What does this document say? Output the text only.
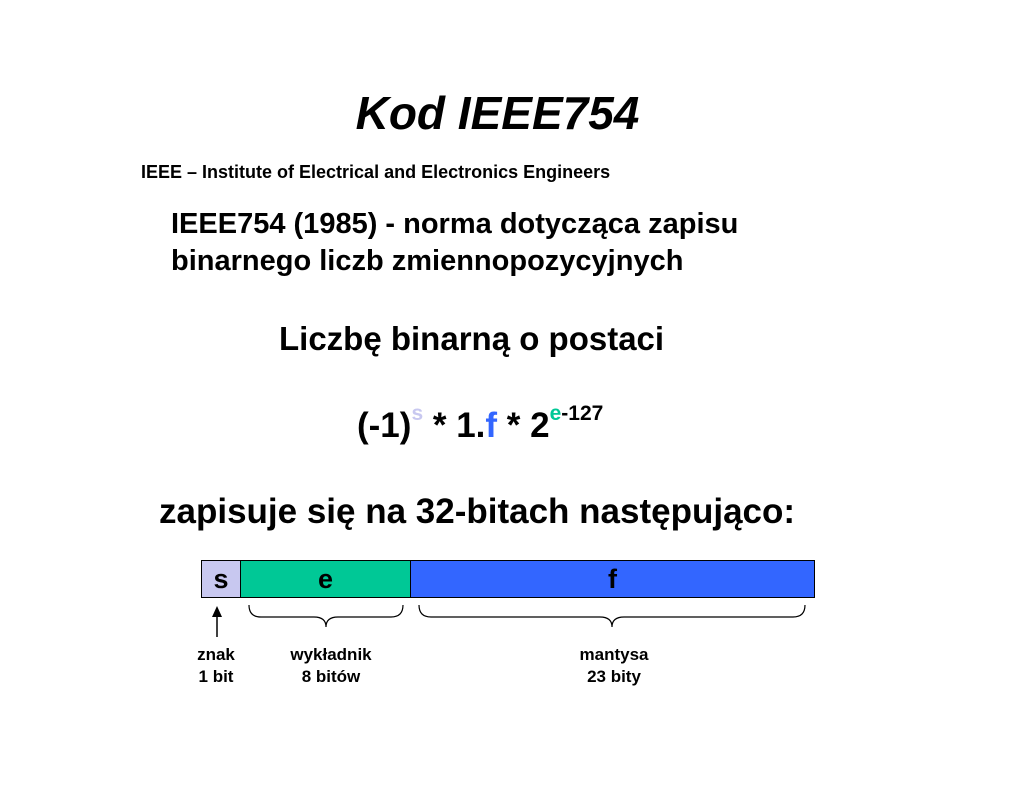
Kod IEEE754
IEEE – Institute of Electrical and Electronics Engineers
IEEE754 (1985) - norma dotycząca zapisu
binarnego liczb zmiennopozycyjnych
Liczbę binarną o postaci
$(-1)^s * 1.f * 2^{e-127}$
zapisuje się na 32-bitach następująco:
s	e	f
znak
1 bit
wykładnik
8 bitów
mantysa
23 bity
